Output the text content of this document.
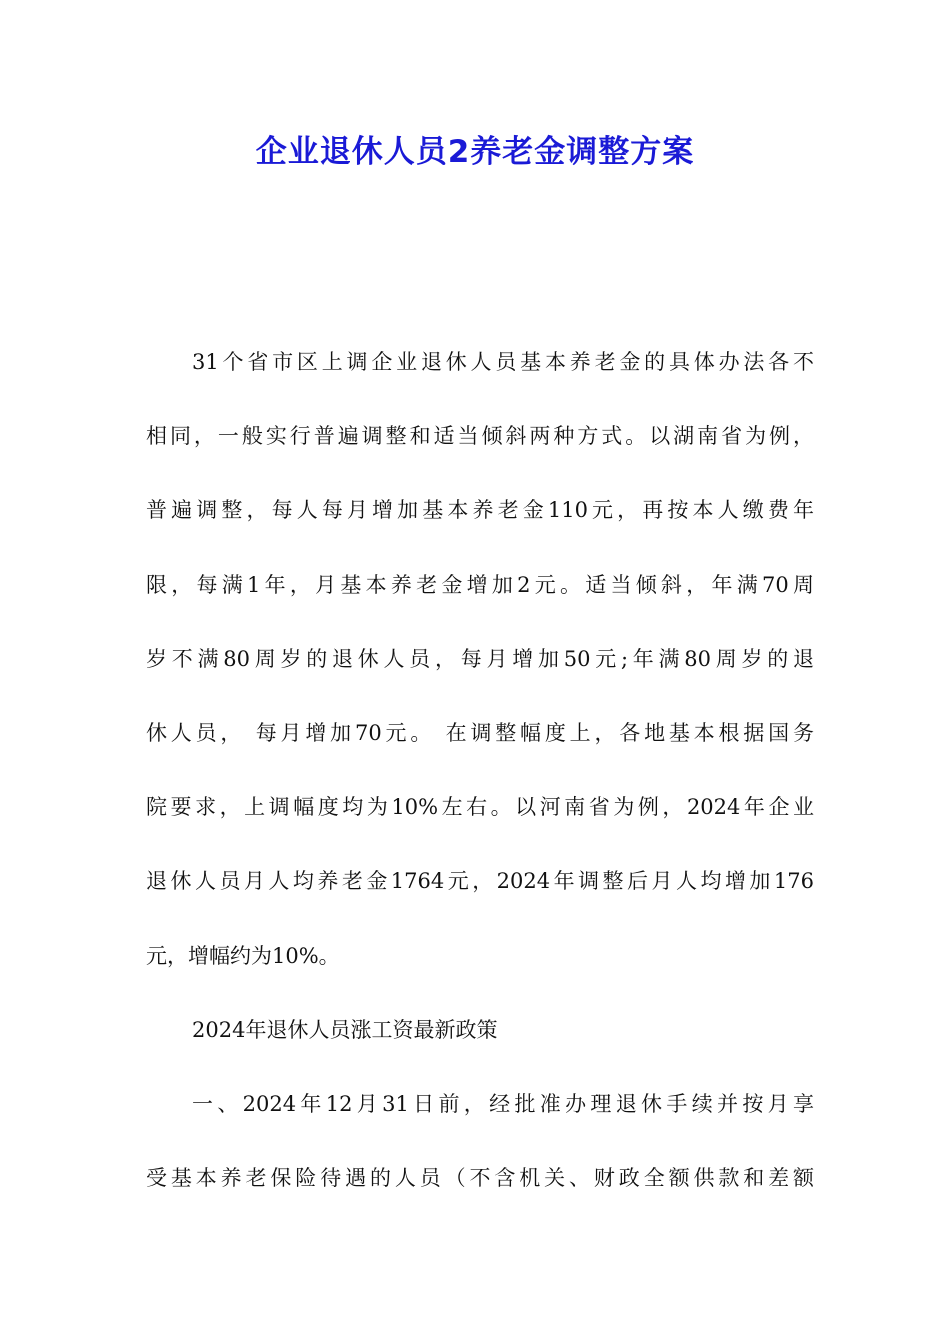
企业退休人员2养老金调整方案
31个省市区上调企业退休人员基本养老金的具体办法各不
相同，一般实行普遍调整和适当倾斜两种方式。以湖南省为例，
普遍调整，每人每月增加基本养老金110元，再按本人缴费年
限，每满1年，月基本养老金增加2元。适当倾斜，年满70周
岁不满80周岁的退休人员，每月增加50元;年满80周岁的退
休人员， 每月增加70元。 在调整幅度上，各地基本根据国务
院要求，上调幅度均为10%左右。以河南省为例，2024年企业
退休人员月人均养老金1764元，2024年调整后月人均增加176
元，增幅约为10%。
2024年退休人员涨工资最新政策
一、2024年12月31日前，经批准办理退休手续并按月享
受基本养老保险待遇的人员（不含机关、财政全额供款和差额
